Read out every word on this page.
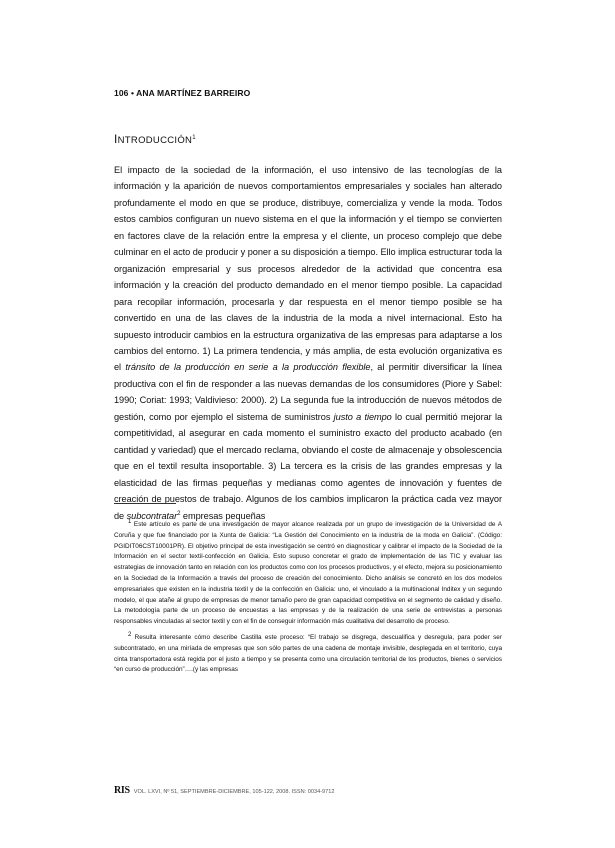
106 • ANA MARTÍNEZ BARREIRO
INTRODUCCIÓN$^1$

El impacto de la sociedad de la información, el uso intensivo de las tecnologías de la información y la aparición de nuevos comportamientos empresariales y sociales han alterado profundamente el modo en que se produce, distribuye, comercializa y vende la moda. Todos estos cambios configuran un nuevo sistema en el que la información y el tiempo se convierten en factores clave de la relación entre la empresa y el cliente, un proceso complejo que debe culminar en el acto de producir y poner a su disposición a tiempo. Ello implica estructurar toda la organización empresarial y sus procesos alrededor de la actividad que concentra esa información y la creación del producto demandado en el menor tiempo posible. La capacidad para recopilar información, procesarla y dar respuesta en el menor tiempo posible se ha convertido en una de las claves de la industria de la moda a nivel internacional. Esto ha supuesto introducir cambios en la estructura organizativa de las empresas para adaptarse a los cambios del entorno. 1) La primera tendencia, y más amplia, de esta evolución organizativa es el tránsito de la producción en serie a la producción flexible, al permitir diversificar la línea productiva con el fin de responder a las nuevas demandas de los consumidores (Piore y Sabel: 1990; Coriat: 1993; Valdivieso: 2000). 2) La segunda fue la introducción de nuevos métodos de gestión, como por ejemplo el sistema de suministros justo a tiempo lo cual permitió mejorar la competitividad, al asegurar en cada momento el suministro exacto del producto acabado (en cantidad y variedad) que el mercado reclama, obviando el coste de almacenaje y obsolescencia que en el textil resulta insoportable. 3) La tercera es la crisis de las grandes empresas y la elasticidad de las firmas pequeñas y medianas como agentes de innovación y fuentes de creación de puestos de trabajo. Algunos de los cambios implicaron la práctica cada vez mayor de subcontratar$^2$ empresas pequeñas

$^1$ Este artículo es parte de una investigación de mayor alcance realizada por un grupo de investigación de la Universidad de A Coruña y que fue financiado por la Xunta de Galicia: “La Gestión del Conocimiento en la industria de la moda en Galicia”. (Código: PGIDIT06CST10001PR). El objetivo principal de esta investigación se centró en diagnosticar y calibrar el impacto de la Sociedad de la Información en el sector textil-confección en Galicia. Esto supuso concretar el grado de implementación de las TIC y evaluar las estrategias de innovación tanto en relación con los productos como con los procesos productivos, y el efecto, mejora su posicionamiento en la Sociedad de la Información a través del proceso de creación del conocimiento. Dicho análisis se concretó en los dos modelos empresariales que existen en la industria textil y de la confección en Galicia: uno, el vinculado a la multinacional Inditex y un segundo modelo, el que atañe al grupo de empresas de menor tamaño pero de gran capacidad competitiva en el segmento de calidad y diseño. La metodología parte de un proceso de encuestas a las empresas y de la realización de una serie de entrevistas a personas responsables vinculadas al sector textil y con el fin de conseguir información más cualitativa del desarrollo de proceso.

$^2$ Resulta interesante cómo describe Castilla este proceso: “El trabajo se disgrega, descualifica y desregula, para poder ser subcontratado, en una miríada de empresas que son sólo partes de una cadena de montaje invisible, desplegada en el territorio, cuya cinta transportadora está regida por el justo a tiempo y se presenta como una circulación territorial de los productos, bienes o servicios “en curso de producción”….(y las empresas

RIS VOL. LXVI, Nº 51, SEPTIEMBRE-DICIEMBRE, 105-122, 2008. ISSN: 0034-9712
